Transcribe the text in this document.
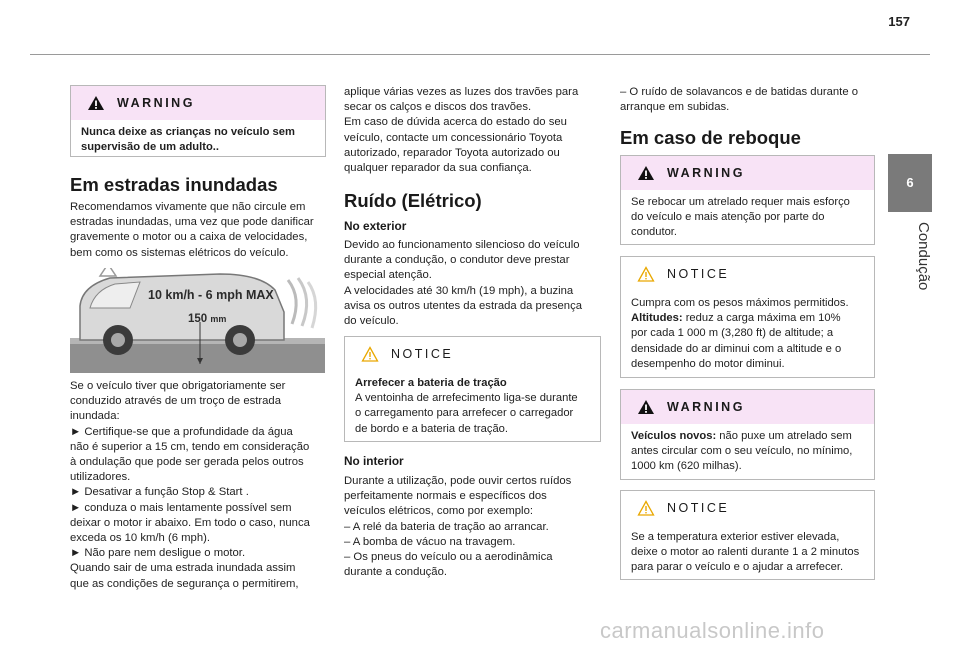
157
6
Condução
WARNING
Nunca deixe as crianças no veículo sem supervisão de um adulto..
Em estradas inundadas
Recomendamos vivamente que não circule em
estradas inundadas, uma vez que pode danificar
gravemente o motor ou a caixa de velocidades,
bem como os sistemas elétricos do veículo.
10 km/h - 6 mph MAX
150 mm
Se o veículo tiver que obrigatoriamente ser
conduzido através de um troço de estrada
inundada:
► Certifique-se que a profundidade da água
não é superior a 15 cm, tendo em consideração
à ondulação que pode ser gerada pelos outros
utilizadores.
► Desativar a função Stop & Start .
► conduza o mais lentamente possível sem
deixar o motor ir abaixo. Em todo o caso, nunca
exceda os 10 km/h (6 mph).
► Não pare nem desligue o motor.
Quando sair de uma estrada inundada assim
que as condições de segurança o permitirem,
aplique várias vezes as luzes dos travões para
secar os calços e discos dos travões.
Em caso de dúvida acerca do estado do seu
veículo, contacte um concessionário Toyota
autorizado, reparador Toyota autorizado ou
qualquer reparador da sua confiança.
Ruído (Elétrico)
No exterior
Devido ao funcionamento silencioso do veículo
durante a condução, o condutor deve prestar
especial atenção.
A velocidades até 30 km/h (19 mph), a buzina
avisa os outros utentes da estrada da presença
do veículo.
NOTICE
Arrefecer a bateria de tração
A ventoinha de arrefecimento liga-se durante
o carregamento para arrefecer o carregador
de bordo e a bateria de tração.
No interior
Durante a utilização, pode ouvir certos ruídos
perfeitamente normais e específicos dos
veículos elétricos, como por exemplo:
– A relé da bateria de tração ao arrancar.
– A bomba de vácuo na travagem.
– Os pneus do veículo ou a aerodinâmica
durante a condução.
– O ruído de solavancos e de batidas durante o
arranque em subidas.
Em caso de reboque
WARNING
Se rebocar um atrelado requer mais esforço
do veículo e mais atenção por parte do
condutor.
NOTICE
Cumpra com os pesos máximos permitidos.
Altitudes: reduz a carga máxima em 10%
por cada 1 000 m (3,280 ft) de altitude; a
densidade do ar diminui com a altitude e o
desempenho do motor diminui.
WARNING
Veículos novos: não puxe um atrelado sem
antes circular com o seu veículo, no mínimo,
1000 km (620 milhas).
NOTICE
Se a temperatura exterior estiver elevada,
deixe o motor ao ralenti durante 1 a 2 minutos
para parar o veículo e o ajudar a arrefecer.
carmanualsonline.info
